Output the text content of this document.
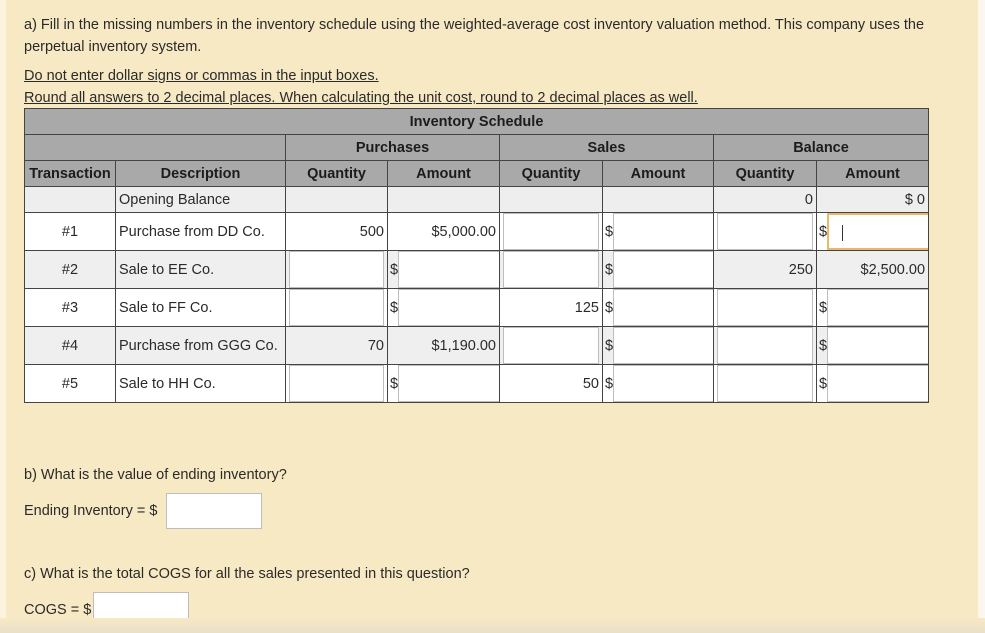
a) Fill in the missing numbers in the inventory schedule using the weighted-average cost inventory valuation method. This company uses the perpetual inventory system.
Do not enter dollar signs or commas in the input boxes.
Round all answers to 2 decimal places. When calculating the unit cost, round to 2 decimal places as well.
Inventory Schedule							
		Purchases		Sales		Balance	
Transaction	Description	Quantity	Amount	Quantity	Amount	Quantity	Amount
	Opening Balance					0	$ 0
#1	Purchase from DD Co.	500	$5,000.00		$		$

#2	Sale to EE Co.		$		$	250	$2,500.00
#3	Sale to FF Co.		$	125	$		$

#4	Purchase from GGG Co.	70	$1,190.00		$		$

#5	Sale to HH Co.		$	50	$		$
b) What is the value of ending inventory?
Ending Inventory = $
c) What is the total COGS for all the sales presented in this question?
COGS = $
